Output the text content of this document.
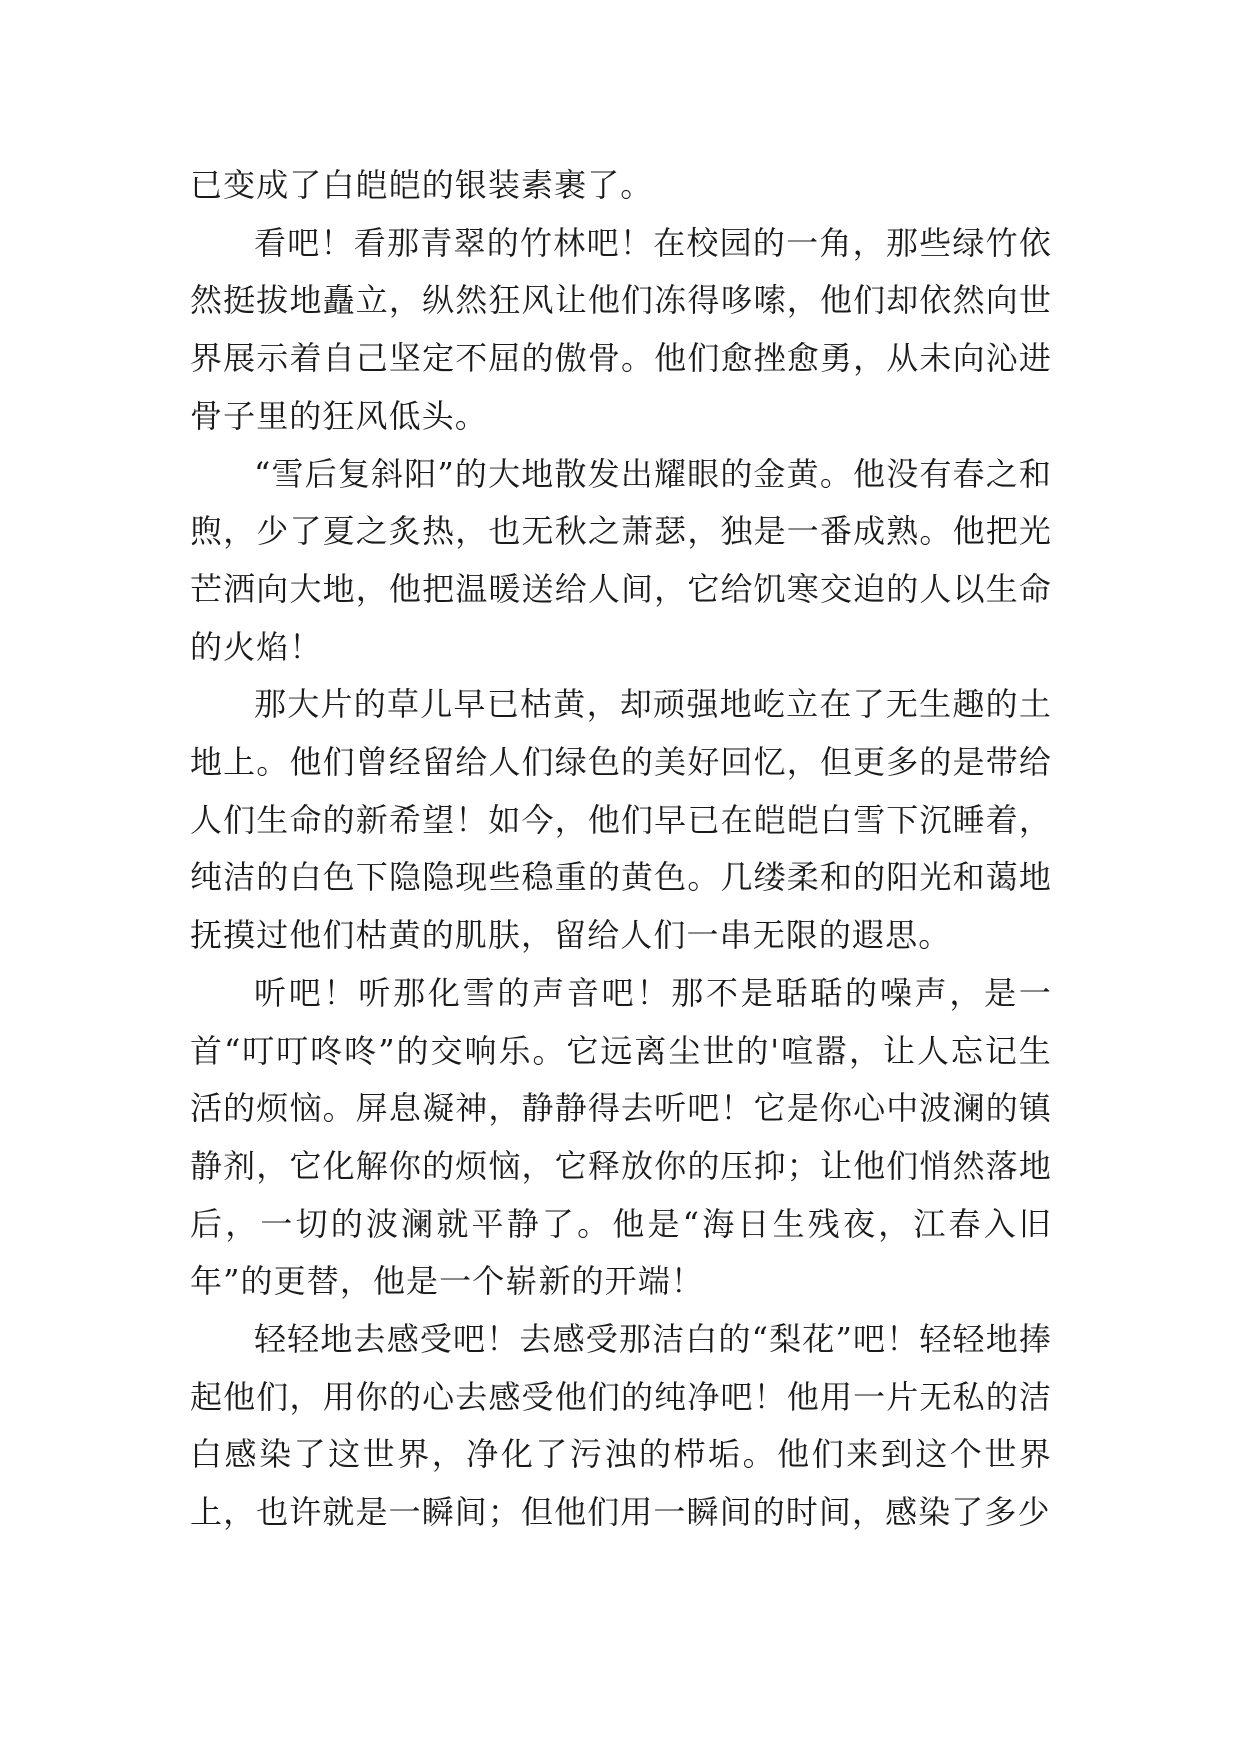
已变成了白皑皑的银装素裹了。

看吧！看那青翠的竹林吧！在校园的一角，那些绿竹依然挺拔地矗立，纵然狂风让他们冻得哆嗦，他们却依然向世界展示着自己坚定不屈的傲骨。他们愈挫愈勇，从未向沁进骨子里的狂风低头。

“雪后复斜阳”的大地散发出耀眼的金黄。他没有春之和煦，少了夏之炙热，也无秋之萧瑟，独是一番成熟。他把光芒洒向大地，他把温暖送给人间，它给饥寒交迫的人以生命的火焰！

那大片的草儿早已枯黄，却顽强地屹立在了无生趣的土地上。他们曾经留给人们绿色的美好回忆，但更多的是带给人们生命的新希望！如今，他们早已在皑皑白雪下沉睡着，纯洁的白色下隐隐现些稳重的黄色。几缕柔和的阳光和蔼地抚摸过他们枯黄的肌肤，留给人们一串无限的遐思。

听吧！听那化雪的声音吧！那不是聒聒的噪声，是一首“叮叮咚咚”的交响乐。它远离尘世的'喧嚣，让人忘记生活的烦恼。屏息凝神，静静得去听吧！它是你心中波澜的镇静剂，它化解你的烦恼，它释放你的压抑；让他们悄然落地后，一切的波澜就平静了。他是“海日生残夜，江春入旧年”的更替，他是一个崭新的开端！

轻轻地去感受吧！去感受那洁白的“梨花”吧！轻轻地捧起他们，用你的心去感受他们的纯净吧！他用一片无私的洁白感染了这世界，净化了污浊的栉垢。他们来到这个世界上，也许就是一瞬间；但他们用一瞬间的时间，感染了多少
